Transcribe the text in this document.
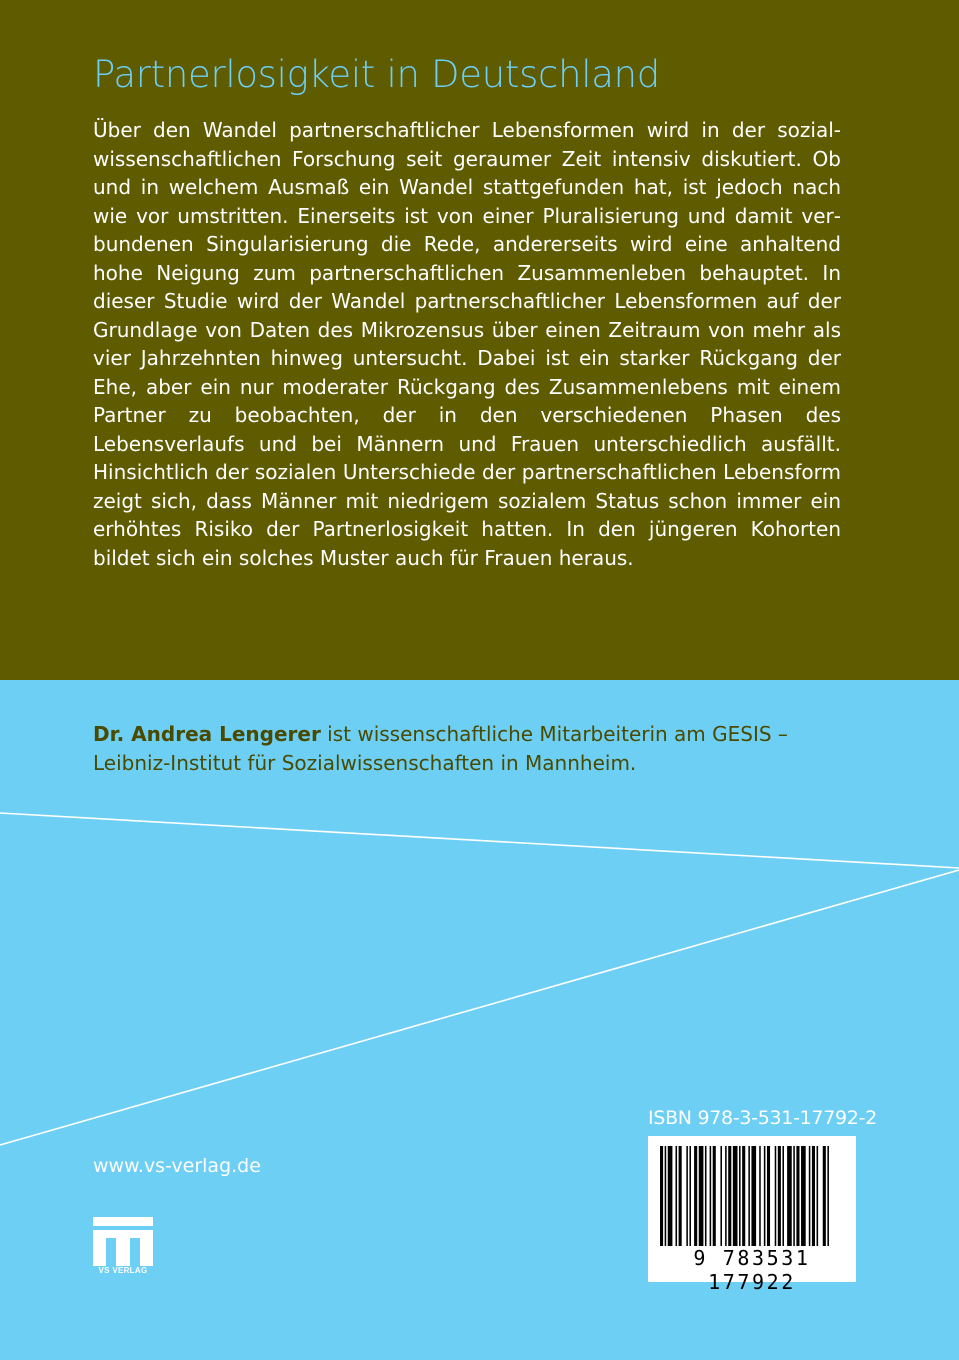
Partnerlosigkeit in Deutschland

Über den Wandel partnerschaftlicher Lebensformen wird in der sozialwissenschaftlichen Forschung seit geraumer Zeit intensiv diskutiert. Ob und in welchem Ausmaß ein Wandel stattgefunden hat, ist jedoch nach wie vor umstritten. Einerseits ist von einer Pluralisierung und damit verbundenen Singularisierung die Rede, andererseits wird eine anhaltend hohe Neigung zum partnerschaftlichen Zusammenleben behauptet. In dieser Studie wird der Wandel partnerschaftlicher Lebensformen auf der Grundlage von Daten des Mikrozensus über einen Zeitraum von mehr als vier Jahrzehnten hinweg untersucht. Dabei ist ein starker Rückgang der Ehe, aber ein nur moderater Rückgang des Zusammenlebens mit einem Partner zu beobachten, der in den verschiedenen Phasen des Lebensverlaufs und bei Männern und Frauen unterschiedlich ausfällt. Hinsichtlich der sozialen Unterschiede der partnerschaftlichen Lebensform zeigt sich, dass Männer mit niedrigem sozialem Status schon immer ein erhöhtes Risiko der Partnerlosigkeit hatten. In den jüngeren Kohorten bildet sich ein solches Muster auch für Frauen heraus.

www.vs-verlag.de

VS VERLAG

ISBN 978-3-531-17792-2

9 783531 177922

Dr. Andrea Lengerer ist wissenschaftliche Mitarbeiterin am GESIS – Leibniz-Institut für Sozialwissenschaften in Mannheim.
